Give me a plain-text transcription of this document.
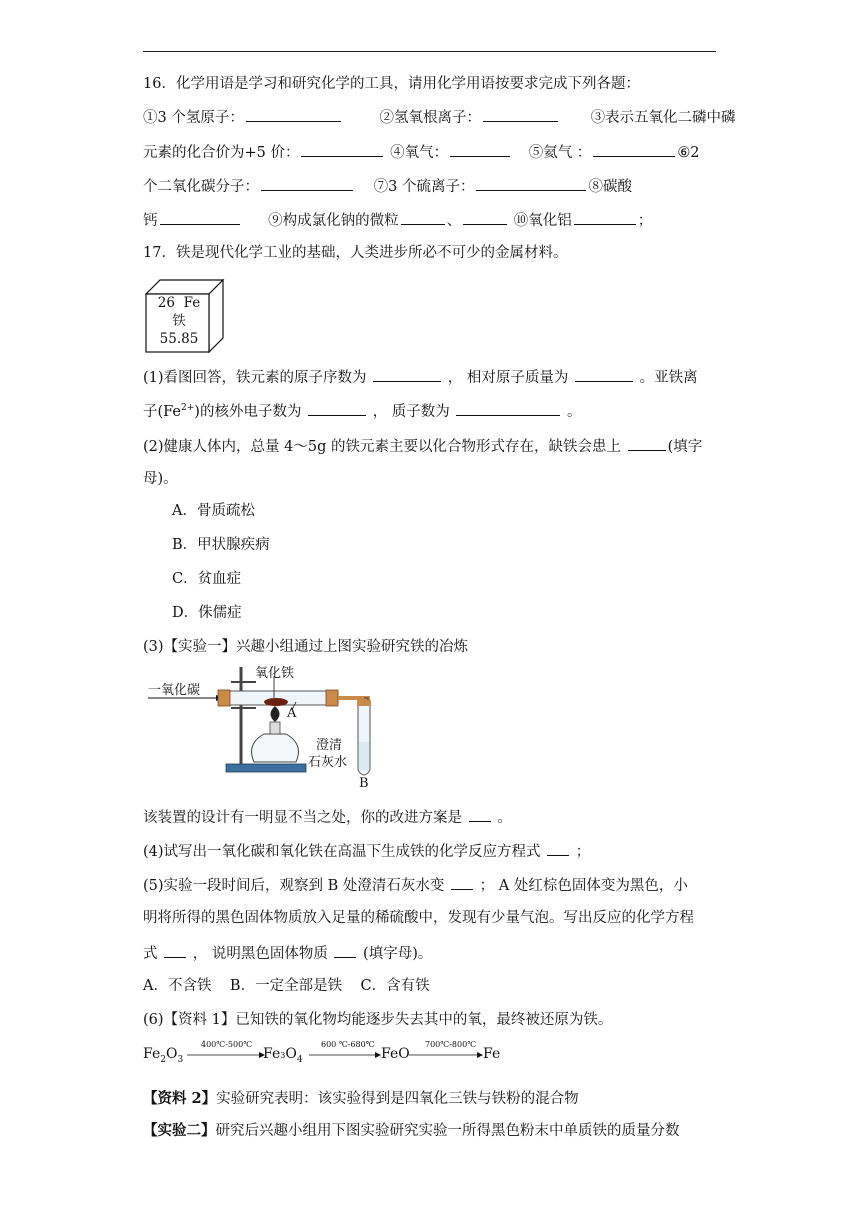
16．化学用语是学习和研究化学的工具，请用化学用语按要求完成下列各题：
①3 个氢原子：	②氢氧根离子：	③表示五氧化二磷中磷
元素的化合价为+5 价：	④氧气：	⑤氦气 ：	⑥2
个二氧化碳分子：	⑦3 个硫离子：	⑧碳酸
钙	⑨构成氯化钠的微粒	、	⑩氧化铝	；
17．铁是现代化学工业的基础，人类进步所必不可少的金属材料。
26 Fe
铁
55.85
(1)看图回答，铁元素的原子序数为	， 相对原子质量为	。亚铁离
子$(Fe^{2+})$的核外电子数为	， 质子数为	。
(2)健康人体内，总量 4～5g 的铁元素主要以化合物形式存在，缺铁会患上	(填字
母)。
A．骨质疏松
B．甲状腺疾病
C．贫血症
D．侏儒症
(3)【实验一】兴趣小组通过上图实验研究铁的冶炼
一氧化碳
氧化铁
A
澄清
石灰水
B
该装置的设计有一明显不当之处，你的改进方案是 。
(4)试写出一氧化碳和氧化铁在高温下生成铁的化学反应方程式 ；
(5)实验一段时间后，观察到 B 处澄清石灰水变 ； A 处红棕色固体变为黑色，小
明将所得的黑色固体物质放入足量的稀硫酸中，发现有少量气泡。写出反应的化学方程
式 ， 说明黑色固体物质 (填字母)。
A．不含铁    B．一定全部是铁    C．含有铁
(6)【资料 1】已知铁的氧化物均能逐步失去其中的氧，最终被还原为铁。
$Fe_2O_3$
400℃-500℃
$Fe3O_4$
600 ℃-680℃
FeO
700℃-800℃
Fe
【资料 2】实验研究表明：该实验得到是四氧化三铁与铁粉的混合物
【实验二】研究后兴趣小组用下图实验研究实验一所得黑色粉末中单质铁的质量分数
